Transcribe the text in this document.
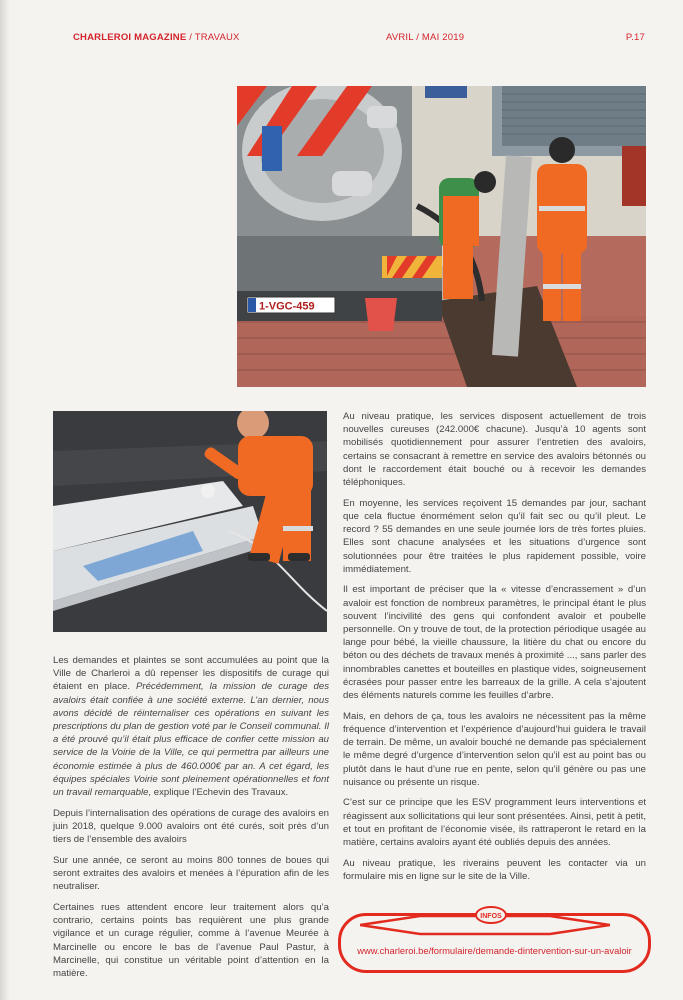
CHARLEROI MAGAZINE / TRAVAUX	AVRIL / MAI 2019	P.17
1-VGC-459

Les demandes et plaintes se sont accumulées au point que la Ville de Charleroi a dû repenser les dispositifs de curage qui étaient en place. Précédemment, la mission de curage des avaloirs était confiée à une société externe. L’an dernier, nous avons décidé de réinternaliser ces opérations en suivant les prescriptions du plan de gestion voté par le Conseil communal. Il a été prouvé qu’il était plus efficace de confier cette mission au service de la Voirie de la Ville, ce qui permettra par ailleurs une économie estimée à plus de 460.000€ par an. A cet égard, les équipes spéciales Voirie sont pleinement opérationnelles et font un travail remarquable, explique l’Echevin des Travaux.

Depuis l’internalisation des opérations de curage des avaloirs en juin 2018, quelque 9.000 avaloirs ont été curés, soit près d’un tiers de l’ensemble des avaloirs

Sur une année, ce seront au moins 800 tonnes de boues qui seront extraites des avaloirs et menées à l’épuration afin de les neutraliser.

Certaines rues attendent encore leur traitement alors qu’a contrario, certains points bas requièrent une plus grande vigilance et un curage régulier, comme à l’avenue Meurée à Marcinelle ou encore le bas de l’avenue Paul Pastur, à Marcinelle, qui constitue un véritable point d’attention en la matière.

Au niveau pratique, les services disposent actuellement de trois nouvelles cureuses (242.000€ chacune). Jusqu’à 10 agents sont mobilisés quotidiennement pour assurer l’entretien des avaloirs, certains se consacrant à remettre en service des avaloirs bétonnés ou dont le raccordement était bouché ou à recevoir les demandes téléphoniques.

En moyenne, les services reçoivent 15 demandes par jour, sachant que cela fluctue énormément selon qu’il fait sec ou qu’il pleut. Le record ? 55 demandes en une seule journée lors de très fortes pluies. Elles sont chacune analysées et les situations d’urgence sont solutionnées pour être traitées le plus rapidement possible, voire immédiatement.

Il est important de préciser que la « vitesse d’encrassement » d’un avaloir est fonction de nombreux paramètres, le principal étant le plus souvent l’incivilité des gens qui confondent avaloir et poubelle personnelle. On y trouve de tout, de la protection périodique usagée au lange pour bébé, la vieille chaussure, la litière du chat ou encore du béton ou des déchets de travaux menés à proximité ..., sans parler des innombrables canettes et bouteilles en plastique vides, soigneusement écrasées pour passer entre les barreaux de la grille. A cela s’ajoutent des éléments naturels comme les feuilles d’arbre.

Mais, en dehors de ça, tous les avaloirs ne nécessitent pas la même fréquence d’intervention et l’expérience d’aujourd’hui guidera le travail de terrain. De même, un avaloir bouché ne demande pas spécialement le même degré d’urgence d’intervention selon qu’il est au point bas ou plutôt dans le haut d’une rue en pente, selon qu’il génère ou pas une nuisance ou présente un risque.

C’est sur ce principe que les ESV programment leurs interventions et réagissent aux sollicitations qui leur sont présentées. Ainsi, petit à petit, et tout en profitant de l’économie visée, ils rattraperont le retard en la matière, certains avaloirs ayant été oubliés depuis des années.

Au niveau pratique, les riverains peuvent les contacter via un formulaire mis en ligne sur le site de la Ville.

INFOS
www.charleroi.be/formulaire/demande-dintervention-sur-un-avaloir
